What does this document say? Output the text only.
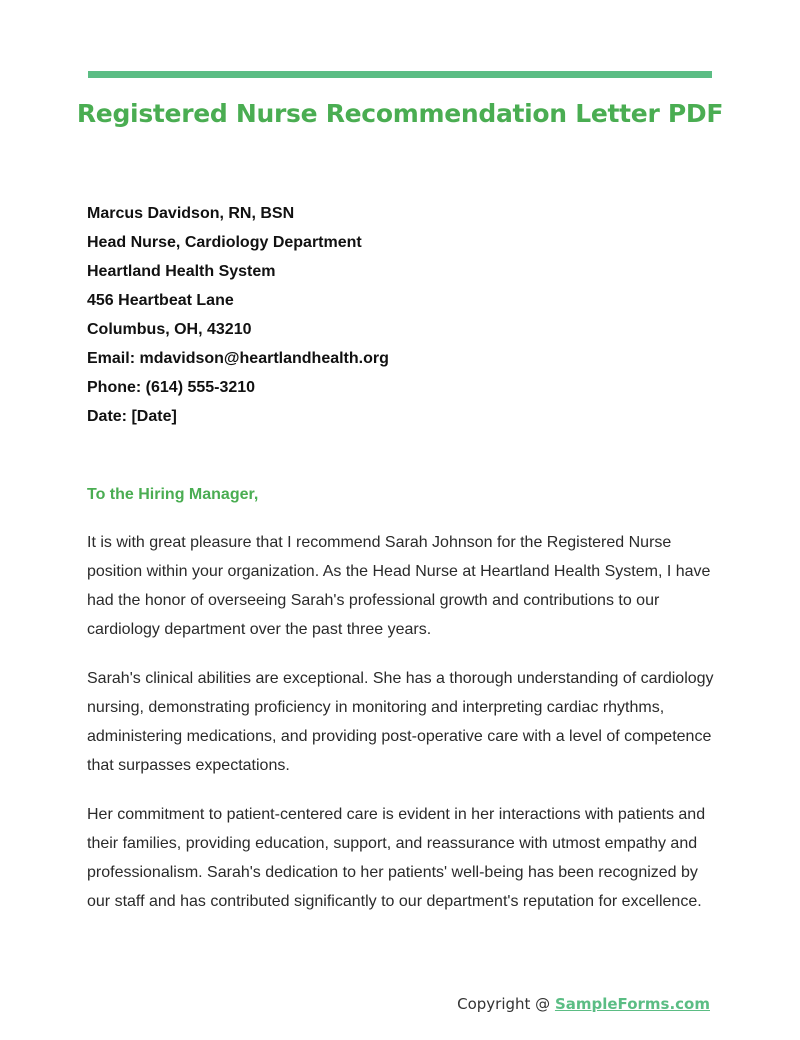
Registered Nurse Recommendation Letter PDF
Marcus Davidson, RN, BSN
Head Nurse, Cardiology Department
Heartland Health System
456 Heartbeat Lane
Columbus, OH, 43210
Email: mdavidson@heartlandhealth.org
Phone: (614) 555-3210
Date: [Date]
To the Hiring Manager,

It is with great pleasure that I recommend Sarah Johnson for the Registered Nurse position within your organization. As the Head Nurse at Heartland Health System, I have had the honor of overseeing Sarah's professional growth and contributions to our cardiology department over the past three years.

Sarah's clinical abilities are exceptional. She has a thorough understanding of cardiology nursing, demonstrating proficiency in monitoring and interpreting cardiac rhythms, administering medications, and providing post-operative care with a level of competence that surpasses expectations.

Her commitment to patient-centered care is evident in her interactions with patients and their families, providing education, support, and reassurance with utmost empathy and professionalism. Sarah's dedication to her patients' well-being has been recognized by our staff and has contributed significantly to our department's reputation for excellence.

Copyright @ SampleForms.com
